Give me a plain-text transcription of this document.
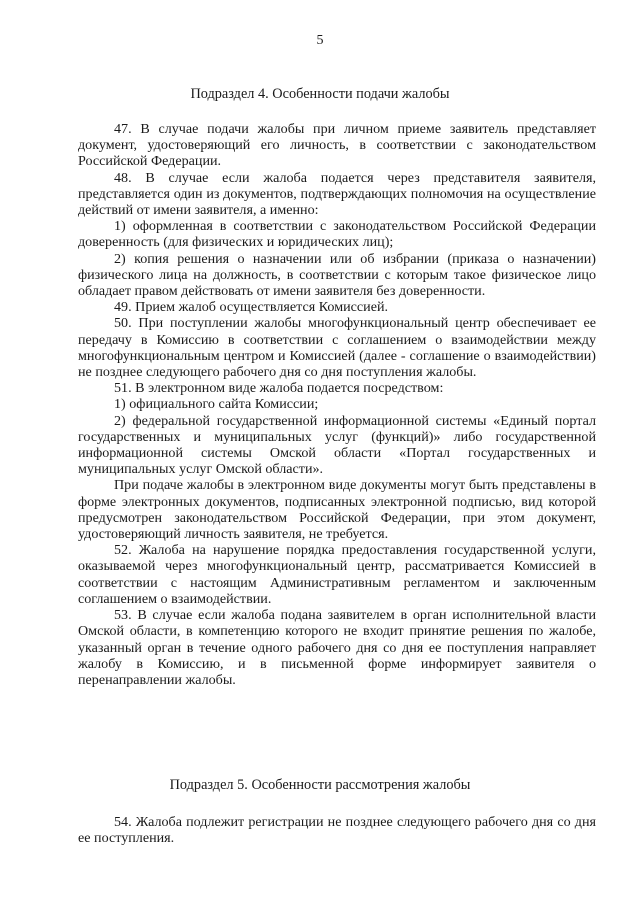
5
Подраздел 4. Особенности подачи жалобы

47. В случае подачи жалобы при личном приеме заявитель представляет документ, удостоверяющий его личность, в соответствии с законодательством Российской Федерации.

48. В случае если жалоба подается через представителя заявителя, представляется один из документов, подтверждающих полномочия на осуществление действий от имени заявителя, а именно:

1) оформленная в соответствии с законодательством Российской Федерации доверенность (для физических и юридических лиц);

2) копия решения о назначении или об избрании (приказа о назначении) физического лица на должность, в соответствии с которым такое физическое лицо обладает правом действовать от имени заявителя без доверенности.

49. Прием жалоб осуществляется Комиссией.

50. При поступлении жалобы многофункциональный центр обеспечивает ее передачу в Комиссию в соответствии с соглашением о взаимодействии между многофункциональным центром и Комиссией (далее - соглашение о взаимодействии) не позднее следующего рабочего дня со дня поступления жалобы.

51. В электронном виде жалоба подается посредством:

1) официального сайта Комиссии;

2) федеральной государственной информационной системы «Единый портал государственных и муниципальных услуг (функций)» либо государственной информационной системы Омской области «Портал государственных и муниципальных услуг Омской области».

При подаче жалобы в электронном виде документы могут быть представлены в форме электронных документов, подписанных электронной подписью, вид которой предусмотрен законодательством Российской Федерации, при этом документ, удостоверяющий личность заявителя, не требуется.

52. Жалоба на нарушение порядка предоставления государственной услуги, оказываемой через многофункциональный центр, рассматривается Комиссией в соответствии с настоящим Административным регламентом и заключенным соглашением о взаимодействии.

53. В случае если жалоба подана заявителем в орган исполнительной власти Омской области, в компетенцию которого не входит принятие решения по жалобе, указанный орган в течение одного рабочего дня со дня ее поступления направляет жалобу в Комиссию, и в письменной форме информирует заявителя о перенаправлении жалобы.

Подраздел 5. Особенности рассмотрения жалобы

54. Жалоба подлежит регистрации не позднее следующего рабочего дня со дня ее поступления.
